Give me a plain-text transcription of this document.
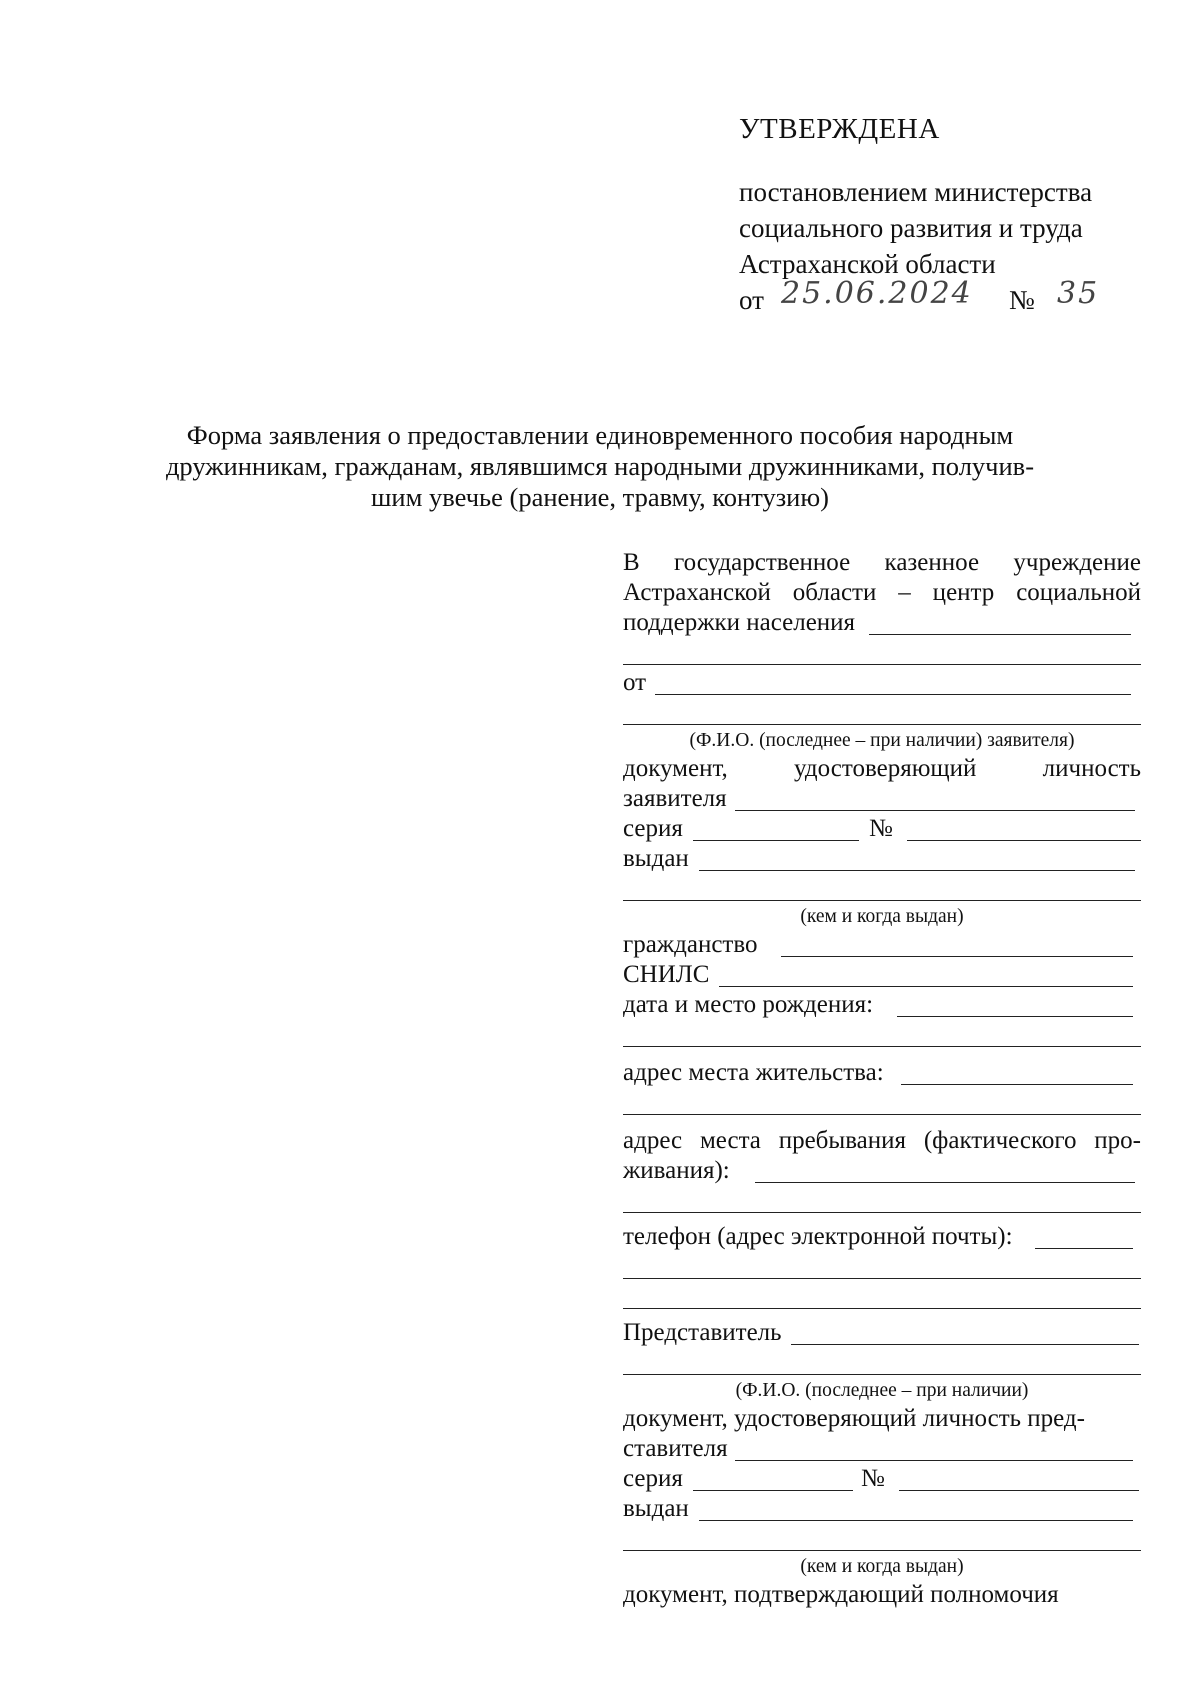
УТВЕРЖДЕНА
постановлением министерства
социального развития и труда
Астраханской области
от 25.06.2024 № 35
Форма заявления о предоставлении единовременного пособия народным
дружинникам, гражданам, являвшимся народными дружинниками, получив-
шим увечье (ранение, травму, контузию)
В государственное казенное учреждение
Астраханской области – центр социальной
поддержки населения
от
(Ф.И.О. (последнее – при наличии) заявителя)
документ, удостоверяющий личность
заявителя
серия	№
выдан
(кем и когда выдан)
гражданство
СНИЛС
дата и место рождения:
адрес места жительства:
адрес места пребывания (фактического про-
живания):
телефон (адрес электронной почты):
Представитель
(Ф.И.О. (последнее – при наличии)
документ, удостоверяющий личность пред-
ставителя
серия	№
выдан
(кем и когда выдан)
документ, подтверждающий полномочия
